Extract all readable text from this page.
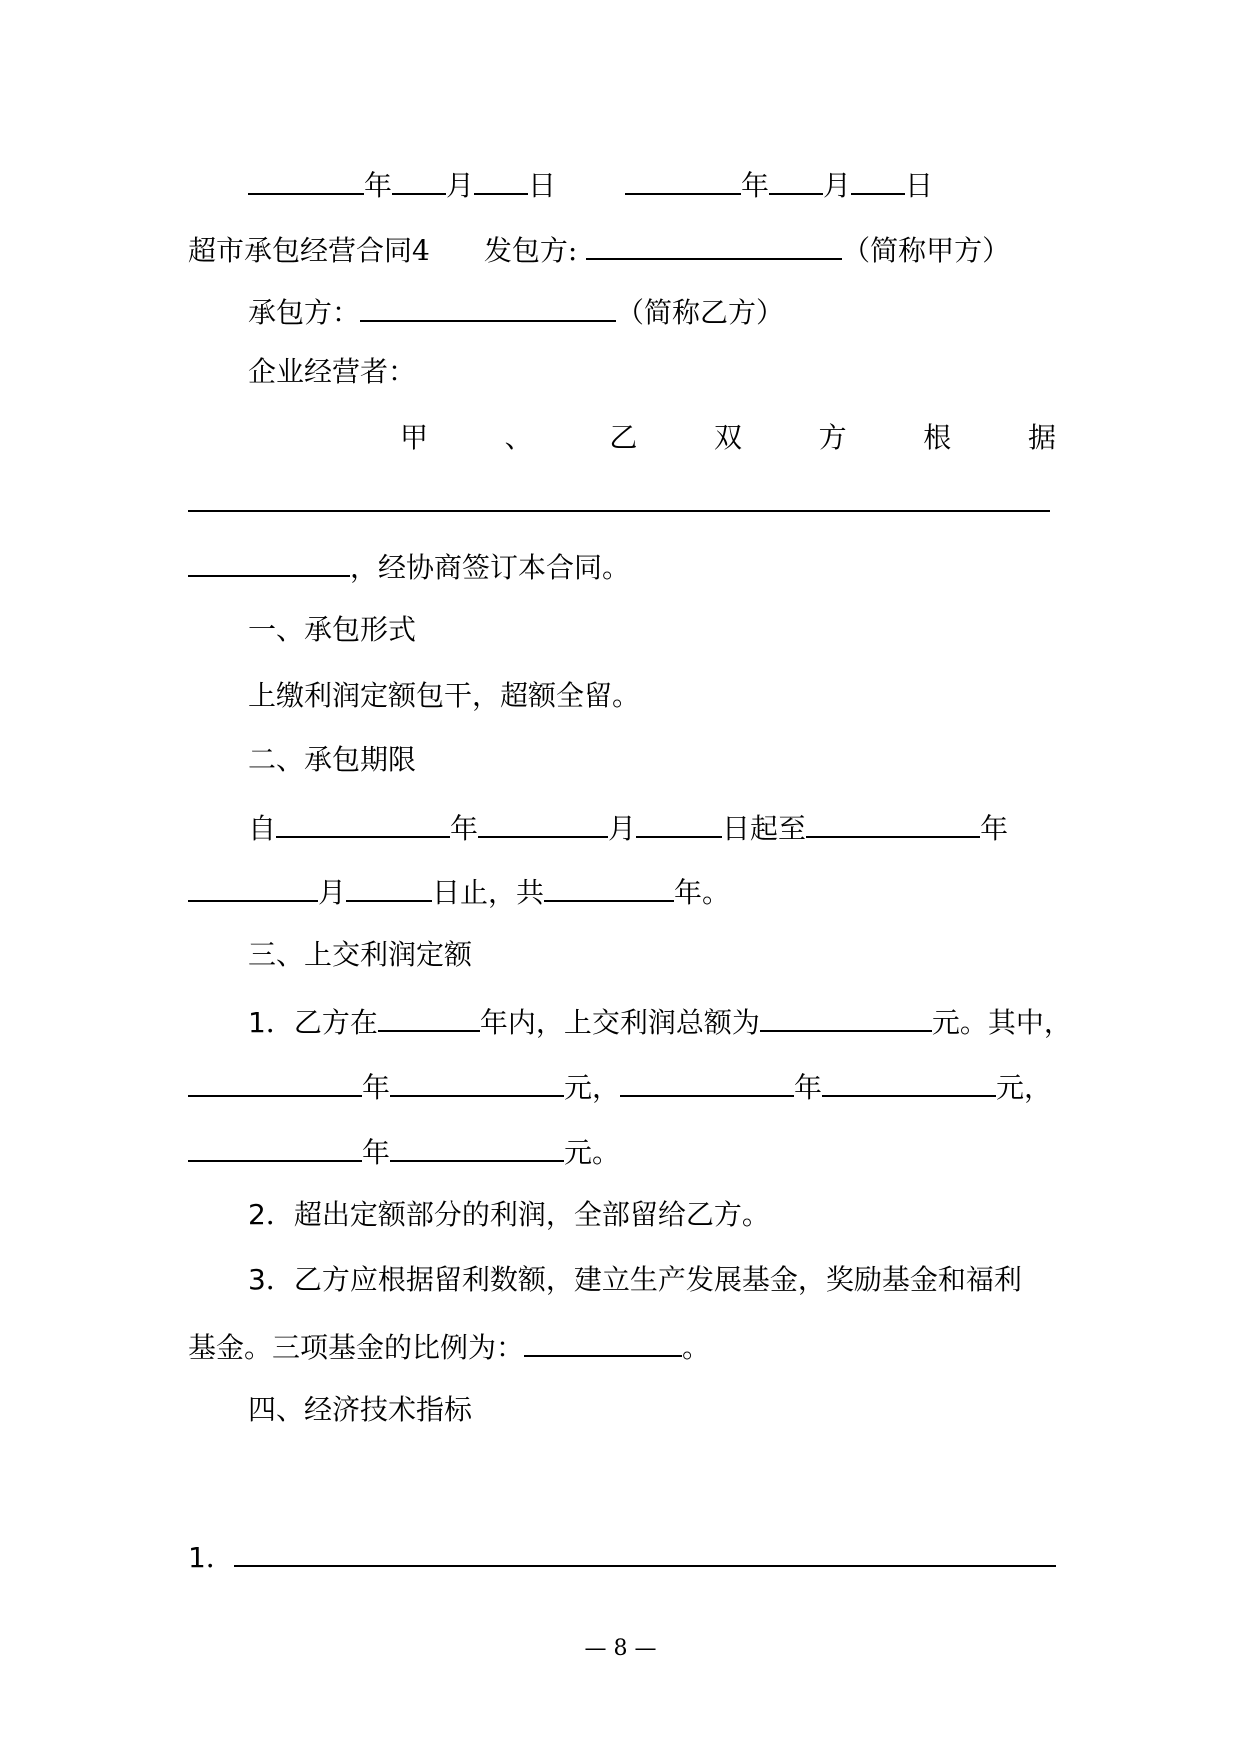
年 月 日	年 月 日
超市承包经营合同4 发包方:	（简称甲方）
承包方：	（简称乙方）
企业经营者：
甲	、	乙	双	方	根	据
，经协商签订本合同。
一、承包形式
上缴利润定额包干，超额全留。
二、承包期限
自	年	月	日起至	年
月	日止，共	年。
三、上交利润定额
1．乙方在	年内，上交利润总额为	元。其中，
年	元，	年	元，
年	元。
2．超出定额部分的利润，全部留给乙方。
3．乙方应根据留利数额，建立生产发展基金，奖励基金和福利
基金。三项基金的比例为：	。
四、经济技术指标
1．
— 8 —
